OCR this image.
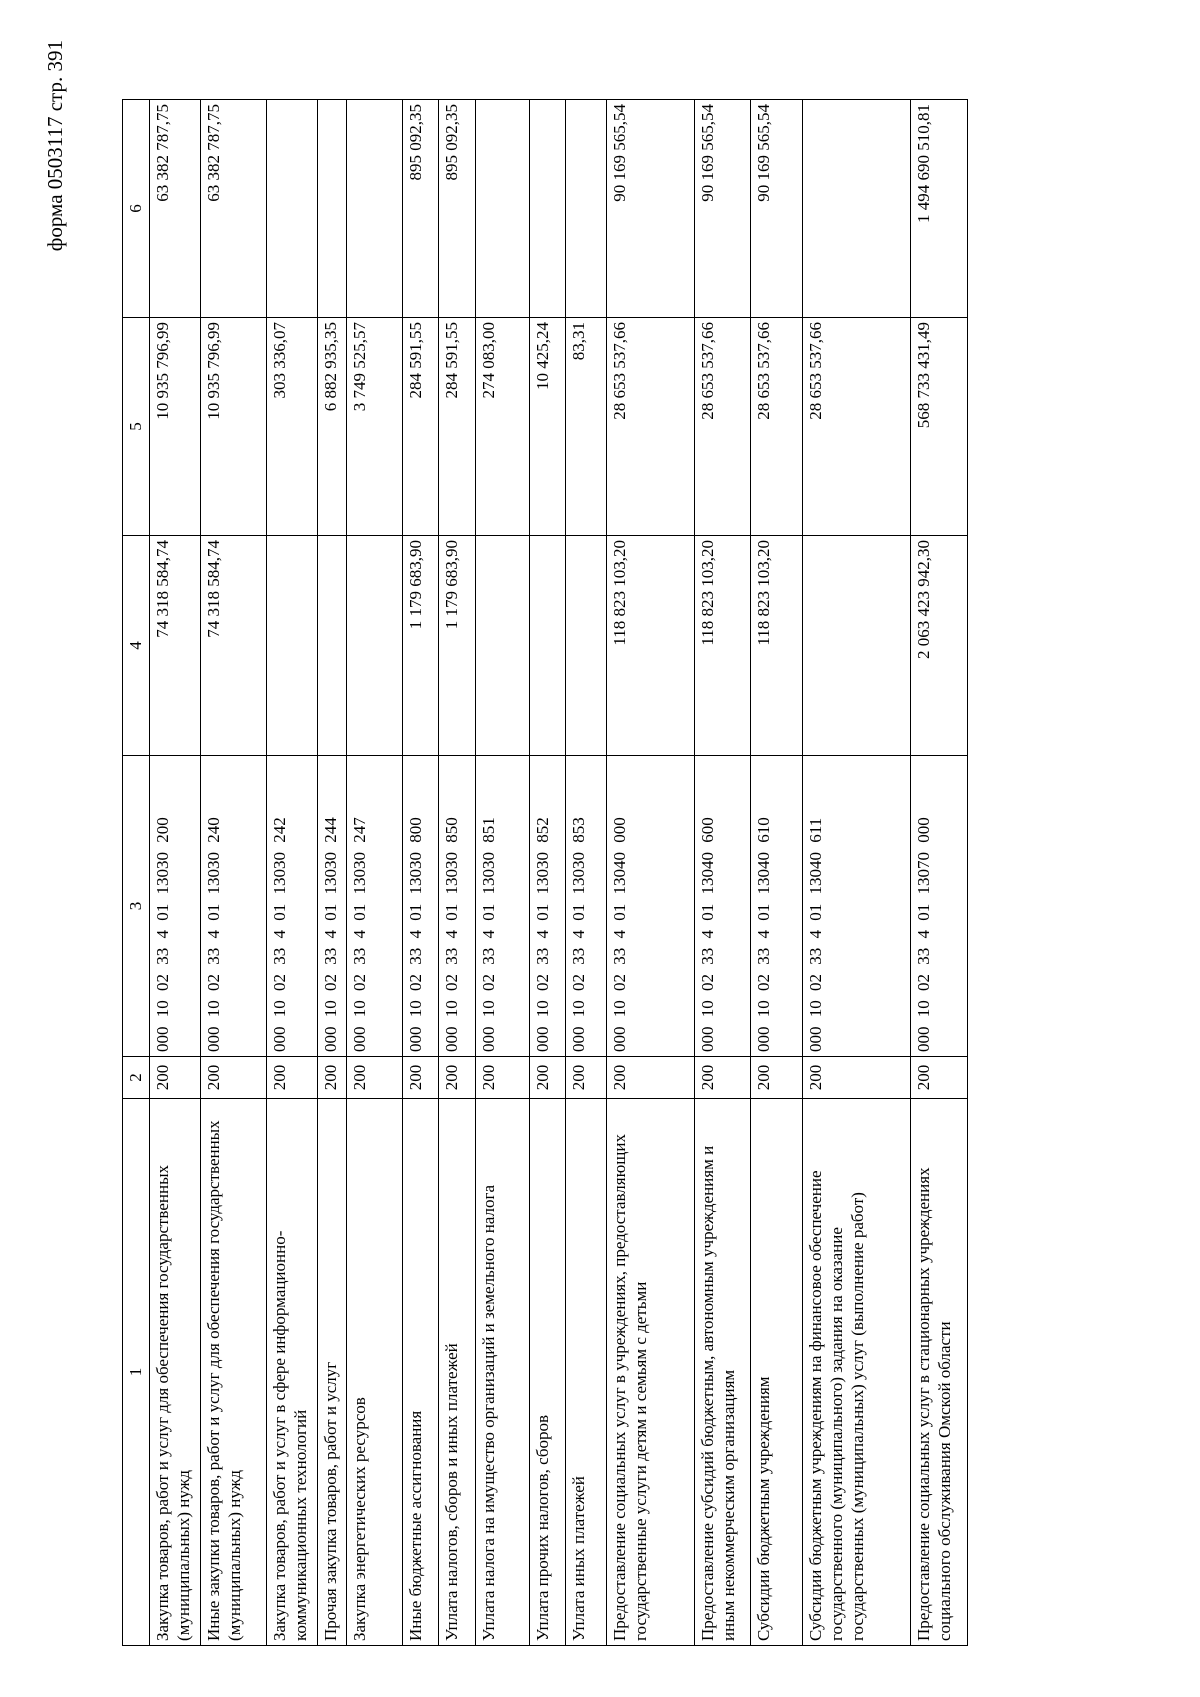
форма 0503117 стр. 391
1	2	3	4	5	6
Закупка товаров, работ и услуг для обеспечения государственных (муниципальных) нужд	200	000 10 02 33 4 01 13030 200	74 318 584,74	10 935 796,99	63 382 787,75
Иные закупки товаров, работ и услуг для обеспечения государственных (муниципальных) нужд	200	000 10 02 33 4 01 13030 240	74 318 584,74	10 935 796,99	63 382 787,75
Закупка товаров, работ и услуг в сфере информационно-коммуникационных технологий	200	000 10 02 33 4 01 13030 242		303 336,07	
Прочая закупка товаров, работ и услуг	200	000 10 02 33 4 01 13030 244		6 882 935,35	
Закупка энергетических ресурсов	200	000 10 02 33 4 01 13030 247		3 749 525,57	
Иные бюджетные ассигнования	200	000 10 02 33 4 01 13030 800	1 179 683,90	284 591,55	895 092,35
Уплата налогов, сборов и иных платежей	200	000 10 02 33 4 01 13030 850	1 179 683,90	284 591,55	895 092,35
Уплата налога на имущество организаций и земельного налога	200	000 10 02 33 4 01 13030 851		274 083,00	
Уплата прочих налогов, сборов	200	000 10 02 33 4 01 13030 852		10 425,24	
Уплата иных платежей	200	000 10 02 33 4 01 13030 853		83,31	
Предоставление социальных услуг в учреждениях, предоставляющих государственные услуги детям и семьям с детьми	200	000 10 02 33 4 01 13040 000	118 823 103,20	28 653 537,66	90 169 565,54
Предоставление субсидий бюджетным, автономным учреждениям и иным некоммерческим организациям	200	000 10 02 33 4 01 13040 600	118 823 103,20	28 653 537,66	90 169 565,54
Субсидии бюджетным учреждениям	200	000 10 02 33 4 01 13040 610	118 823 103,20	28 653 537,66	90 169 565,54
Субсидии бюджетным учреждениям на финансовое обеспечение государственного (муниципального) задания на оказание государственных (муниципальных) услуг (выполнение работ)	200	000 10 02 33 4 01 13040 611		28 653 537,66	
Предоставление социальных услуг в стационарных учреждениях социального обслуживания Омской области	200	000 10 02 33 4 01 13070 000	2 063 423 942,30	568 733 431,49	1 494 690 510,81
